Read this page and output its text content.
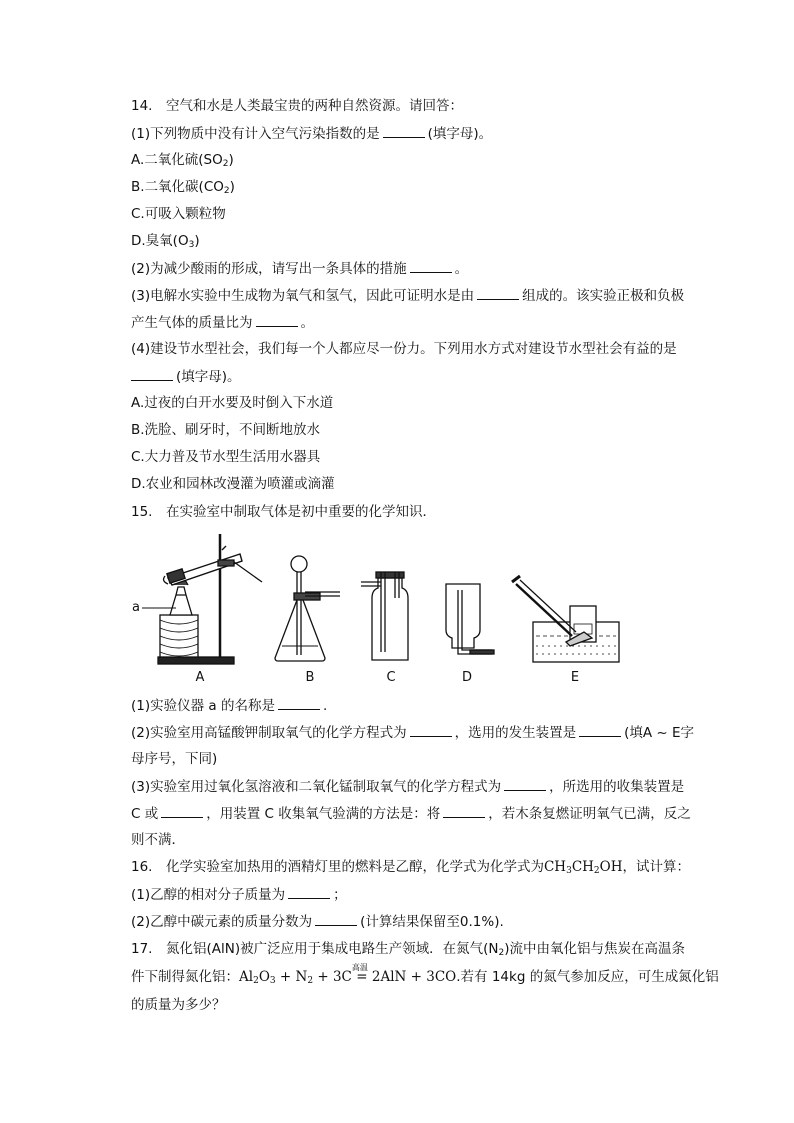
14.　空气和水是人类最宝贵的两种自然资源。请回答：
(1)下列物质中没有计入空气污染指数的是	(填字母)。
A.二氧化硫$(SO_2)$
B.二氧化碳$(CO_2)$
C.可吸入颗粒物
D.臭氧$(O_3)$
(2)为减少酸雨的形成，请写出一条具体的措施	。
(3)电解水实验中生成物为氧气和氢气，因此可证明水是由	组成的。该实验正极和负极
产生气体的质量比为	。
(4)建设节水型社会，我们每一个人都应尽一份力。下列用水方式对建设节水型社会有益的是
(填字母)。
A.过夜的白开水要及时倒入下水道
B.洗脸、刷牙时，不间断地放水
C.大力普及节水型生活用水器具
D.农业和园林改漫灌为喷灌或滴灌
15.　在实验室中制取气体是初中重要的化学知识．
a
A	B	C	D	E
(1)实验仪器 a 的名称是	.
(2)实验室用高锰酸钾制取氧气的化学方程式为	，选用的发生装置是	(填A ~ E字
母序号，下同)
(3)实验室用过氧化氢溶液和二氧化锰制取氧气的化学方程式为	，所选用的收集装置是
C 或	，用装置 C 收集氧气验满的方法是：将	，若木条复燃证明氧气已满，反之
则不满．
16.　化学实验室加热用的酒精灯里的燃料是乙醇，化学式为化学式为$CH_3CH_2OH$，试计算：
(1)乙醇的相对分子质量为	；
(2)乙醇中碳元素的质量分数为	(计算结果保留至0.1%).
17.　氮化铝(AlN)被广泛应用于集成电路生产领域．在氮气$(N_2)$流中由氧化铝与焦炭在高温条
件下制得氮化铝：$Al_2O_3 + N_2 + 3C$
高温
= 2AlN + 3CO.若有 14kg 的氮气参加反应，可生成氮化铝
的质量为多少？
